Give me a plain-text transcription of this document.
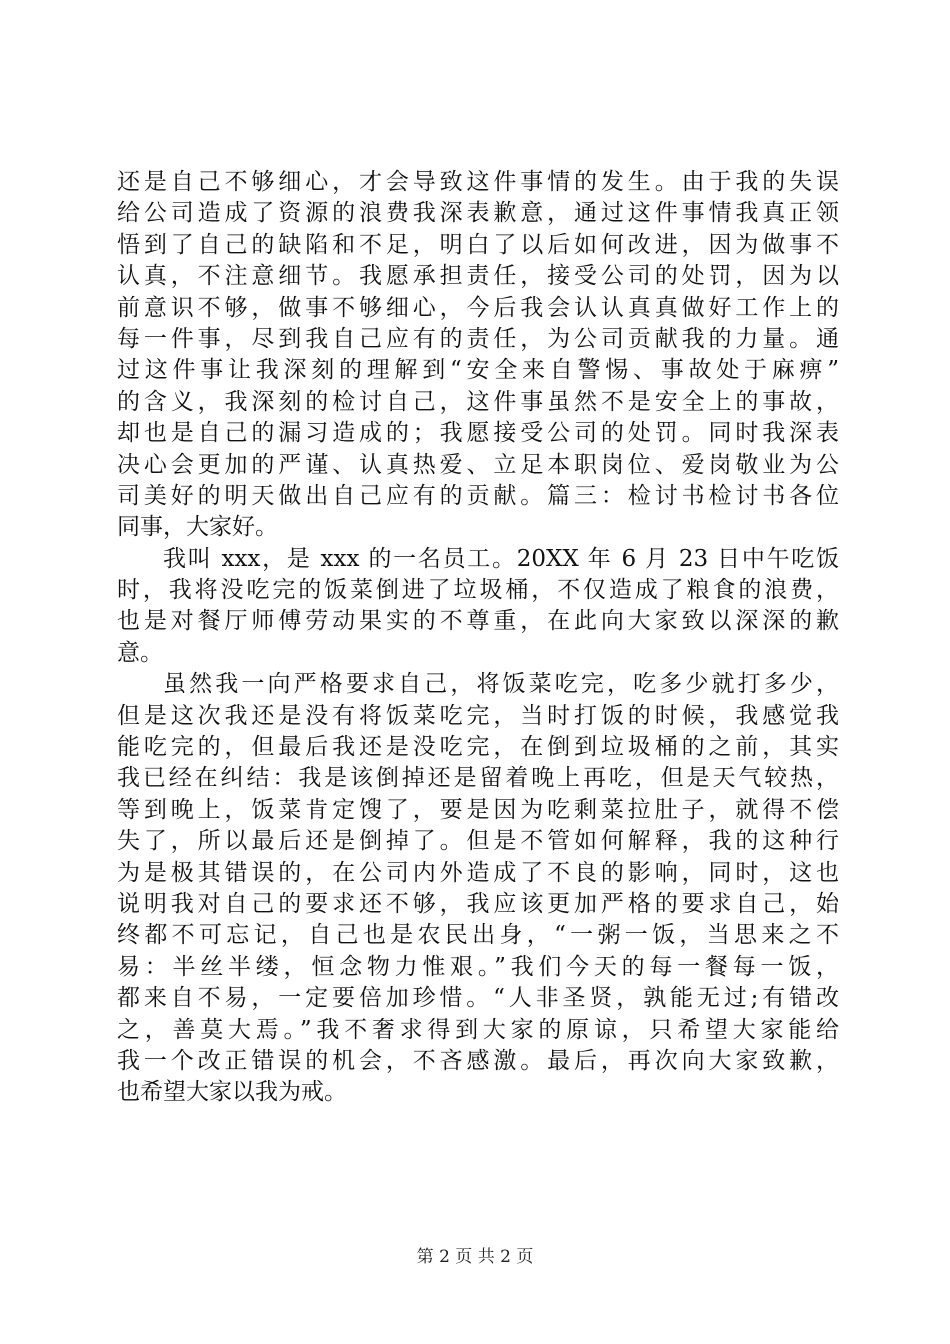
还是自己不够细心，才会导致这件事情的发生。由于我的失误
给公司造成了资源的浪费我深表歉意，通过这件事情我真正领
悟到了自己的缺陷和不足，明白了以后如何改进，因为做事不
认真，不注意细节。我愿承担责任，接受公司的处罚，因为以
前意识不够，做事不够细心，今后我会认认真真做好工作上的
每一件事，尽到我自己应有的责任，为公司贡献我的力量。通
过这件事让我深刻的理解到“安全来自警惕、事故处于麻痹”
的含义，我深刻的检讨自己，这件事虽然不是安全上的事故，
却也是自己的漏习造成的；我愿接受公司的处罚。同时我深表
决心会更加的严谨、认真热爱、立足本职岗位、爱岗敬业为公
司美好的明天做出自己应有的贡献。篇三：检讨书检讨书各位
同事，大家好。
我叫 xxx，是 xxx 的一名员工。20XX 年 6 月 23 日中午吃饭
时，我将没吃完的饭菜倒进了垃圾桶，不仅造成了粮食的浪费，
也是对餐厅师傅劳动果实的不尊重，在此向大家致以深深的歉
意。
虽然我一向严格要求自己，将饭菜吃完，吃多少就打多少，
但是这次我还是没有将饭菜吃完，当时打饭的时候，我感觉我
能吃完的，但最后我还是没吃完，在倒到垃圾桶的之前，其实
我已经在纠结：我是该倒掉还是留着晚上再吃，但是天气较热，
等到晚上，饭菜肯定馊了，要是因为吃剩菜拉肚子，就得不偿
失了，所以最后还是倒掉了。但是不管如何解释，我的这种行
为是极其错误的，在公司内外造成了不良的影响，同时，这也
说明我对自己的要求还不够，我应该更加严格的要求自己，始
终都不可忘记，自己也是农民出身，“一粥一饭，当思来之不
易：半丝半缕，恒念物力惟艰。”我们今天的每一餐每一饭，
都来自不易，一定要倍加珍惜。“人非圣贤，孰能无过;有错改
之，善莫大焉。”我不奢求得到大家的原谅，只希望大家能给
我一个改正错误的机会，不吝感激。最后，再次向大家致歉，
也希望大家以我为戒。
第 2 页 共 2 页
